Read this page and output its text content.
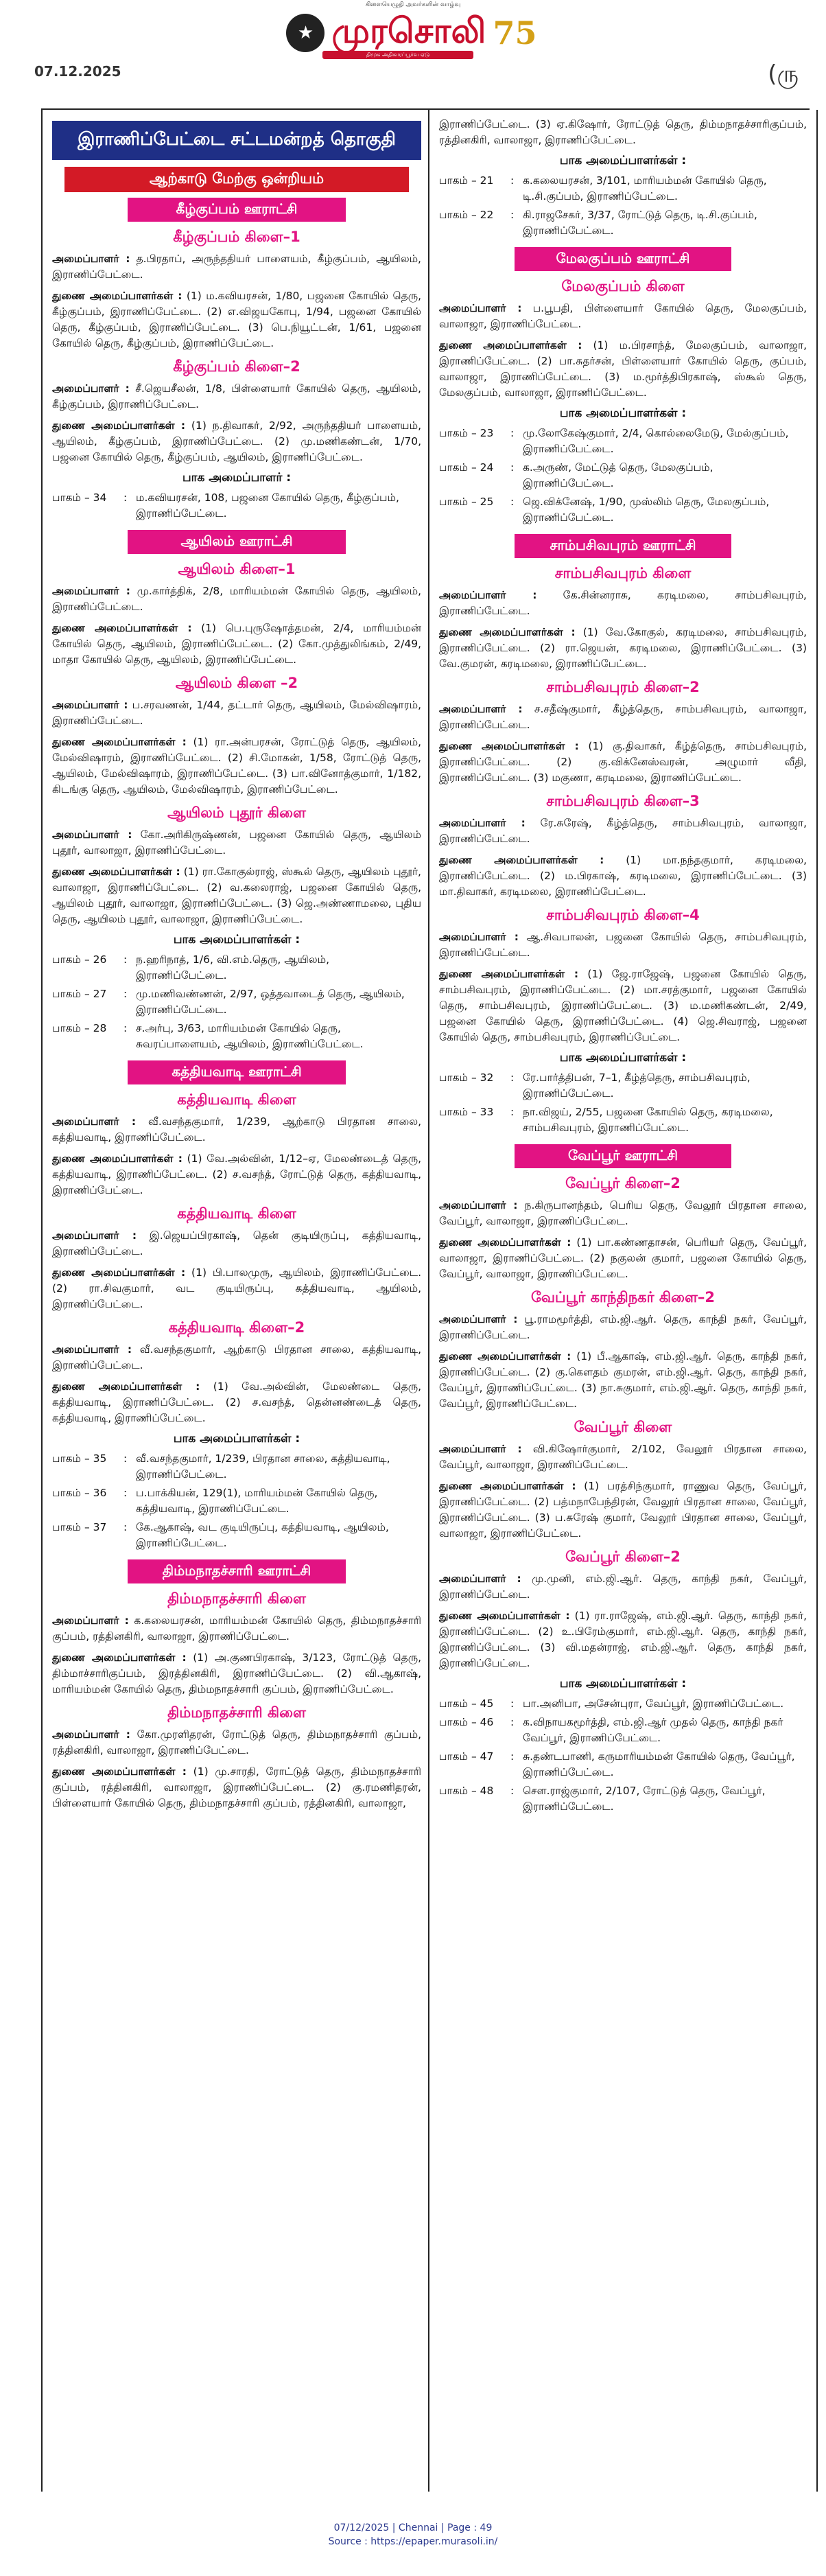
கிளையெழுதி அவர்களின் வாழ்வு
★ முரசொலி 75
திமுக அதிகாரப்பூர்வ ஏடு
07.12.2025	(ரு
இராணிப்பேட்டை சட்டமன்றத் தொகுதி
ஆற்காடு மேற்கு ஒன்றியம்
கீழ்குப்பம் ஊராட்சி
கீழ்குப்பம் கிளை–1

அமைப்பாளர் : த.பிரதாப், அருந்ததியர் பாளையம், கீழ்குப்பம், ஆயிலம், இராணிப்பேட்டை.

துணை அமைப்பாளர்கள் : (1) ம.கவியரசன், 1/80, பஜனை கோயில் தெரு, கீழ்குப்பம், இராணிப்பேட்டை. (2) எ.விஜயகோபு, 1/94, பஜனை கோயில் தெரு, கீழ்குப்பம், இராணிப்பேட்டை. (3) பெ.நியூட்டன், 1/61, பஜனை கோயில் தெரு, கீழ்குப்பம், இராணிப்பேட்டை.

கீழ்குப்பம் கிளை–2

அமைப்பாளர் : சீ.ஜெயசீலன், 1/8, பிள்ளையார் கோயில் தெரு, ஆயிலம், கீழ்குப்பம், இராணிப்பேட்டை.

துணை அமைப்பாளர்கள் : (1) ந.திவாகர், 2/92, அருந்ததியர் பாளையம், ஆயிலம், கீழ்குப்பம், இராணிப்பேட்டை. (2) மு.மணிகண்டன், 1/70, பஜனை கோயில் தெரு, கீழ்குப்பம், ஆயிலம், இராணிப்பேட்டை.

பாக அமைப்பாளர் :
பாகம் – 34	:	ம.கவியரசன், 108, பஜனை கோயில் தெரு, கீழ்குப்பம், இராணிப்பேட்டை.
ஆயிலம் ஊராட்சி
ஆயிலம் கிளை–1

அமைப்பாளர் : மு.கார்த்திக், 2/8, மாரியம்மன் கோயில் தெரு, ஆயிலம், இராணிப்பேட்டை.

துணை அமைப்பாளர்கள் : (1) பெ.புருஷோத்தமன், 2/4, மாரியம்மன் கோயில் தெரு, ஆயிலம், இராணிப்பேட்டை. (2) கோ.முத்துலிங்கம், 2/49, மாதா கோயில் தெரு, ஆயிலம், இராணிப்பேட்டை.

ஆயிலம் கிளை –2

அமைப்பாளர் : ப.சரவணன், 1/44, தட்டார் தெரு, ஆயிலம், மேல்விஷாரம், இராணிப்பேட்டை.

துணை அமைப்பாளர்கள் : (1) ரா.அன்பரசன், ரோட்டுத் தெரு, ஆயிலம், மேல்விஷாரம், இராணிப்பேட்டை. (2) சி.மோகன், 1/58, ரோட்டுத் தெரு, ஆயிலம், மேல்விஷாரம், இராணிப்பேட்டை. (3) பா.வினோத்குமார், 1/182, கிடங்கு தெரு, ஆயிலம், மேல்விஷாரம், இராணிப்பேட்டை.

ஆயிலம் புதூர் கிளை

அமைப்பாளர் : கோ.அரிகிருஷ்ணன், பஜனை கோயில் தெரு, ஆயிலம் புதூர், வாலாஜா, இராணிப்பேட்டை.

துணை அமைப்பாளர்கள் : (1) ரா.கோகுல்ராஜ், ஸ்கூல் தெரு, ஆயிலம் புதூர், வாலாஜா, இராணிப்பேட்டை. (2) வ.கலைராஜ், பஜனை கோயில் தெரு, ஆயிலம் புதூர், வாலாஜா, இராணிப்பேட்டை. (3) ஜெ.அண்ணாமலை, புதிய தெரு, ஆயிலம் புதூர், வாலாஜா, இராணிப்பேட்டை.

பாக அமைப்பாளர்கள் :
பாகம் – 26	:	ந.ஹரிநாத், 1/6, வி.எம்.தெரு, ஆயிலம், இராணிப்பேட்டை.
பாகம் – 27	:	மு.மணிவண்ணன், 2/97, ஒத்தவாடைத் தெரு, ஆயிலம், இராணிப்பேட்டை.
பாகம் – 28	:	ச.அர்பு, 3/63, மாரியம்மன் கோயில் தெரு, சுவரப்பாளையம், ஆயிலம், இராணிப்பேட்டை.
கத்தியவாடி ஊராட்சி
கத்தியவாடி கிளை

அமைப்பாளர் : வீ.வசந்தகுமார், 1/239, ஆற்காடு பிரதான சாலை, கத்தியவாடி, இராணிப்பேட்டை.

துணை அமைப்பாளர்கள் : (1) வே.அல்வின், 1/12–ஏ, மேலண்டைத் தெரு, கத்தியவாடி, இராணிப்பேட்டை. (2) ச.வசந்த், ரோட்டுத் தெரு, கத்தியவாடி, இராணிப்பேட்டை.

கத்தியவாடி கிளை

அமைப்பாளர் : இ.ஜெயப்பிரகாஷ், தென் குடியிருப்பு, கத்தியவாடி, இராணிப்பேட்டை.

துணை அமைப்பாளர்கள் : (1) பி.பாலமுரு, ஆயிலம், இராணிப்பேட்டை. (2) ரா.சிவகுமார், வட குடியிருப்பு, கத்தியவாடி, ஆயிலம், இராணிப்பேட்டை.

கத்தியவாடி கிளை–2

அமைப்பாளர் : வீ.வசந்தகுமார், ஆற்காடு பிரதான சாலை, கத்தியவாடி, இராணிப்பேட்டை.

துணை அமைப்பாளர்கள் : (1) வே.அல்வின், மேலண்டை தெரு, கத்தியவாடி, இராணிப்பேட்டை. (2) ச.வசந்த், தென்னண்டைத் தெரு, கத்தியவாடி, இராணிப்பேட்டை.

பாக அமைப்பாளர்கள் :
பாகம் – 35	:	வீ.வசந்தகுமார், 1/239, பிரதான சாலை, கத்தியவாடி, இராணிப்பேட்டை.
பாகம் – 36	:	ப.பாக்கியன், 129(1), மாரியம்மன் கோயில் தெரு, கத்தியவாடி, இராணிப்பேட்டை.
பாகம் – 37	:	கே.ஆகாஷ், வட குடியிருப்பு, கத்தியவாடி, ஆயிலம், இராணிப்பேட்டை.
திம்மநாதச்சாரி ஊராட்சி
திம்மநாதச்சாரி கிளை

அமைப்பாளர் : க.கலையரசன், மாரியம்மன் கோயில் தெரு, திம்மநாதச்சாரி குப்பம், ரத்தினகிரி, வாலாஜா, இராணிப்பேட்டை.

துணை அமைப்பாளர்கள் : (1) அ.குணபிரகாஷ், 3/123, ரோட்டுத் தெரு, திம்மாச்சாரிகுப்பம், இரத்தினகிரி, இராணிப்பேட்டை. (2) வி.ஆகாஷ், மாரியம்மன் கோயில் தெரு, திம்மநாதச்சாரி குப்பம், இராணிப்பேட்டை.

திம்மநாதச்சாரி கிளை

அமைப்பாளர் : கோ.முரளிதரன், ரோட்டுத் தெரு, திம்மநாதச்சாரி குப்பம், ரத்தினகிரி, வாலாஜா, இராணிப்பேட்டை.

துணை அமைப்பாளர்கள் : (1) மு.சாரதி, ரோட்டுத் தெரு, திம்மநாதச்சாரி குப்பம், ரத்தினகிரி, வாலாஜா, இராணிப்பேட்டை. (2) கு.ரமணிதரன், பிள்ளையார் கோயில் தெரு, திம்மநாதச்சாரி குப்பம், ரத்தினகிரி, வாலாஜா,

இராணிப்பேட்டை. (3) ஏ.கிஷோர், ரோட்டுத் தெரு, திம்மநாதச்சாரிகுப்பம், ரத்தினகிரி, வாலாஜா, இராணிப்பேட்டை.

பாக அமைப்பாளர்கள் :
பாகம் – 21	:	க.கலையரசன், 3/101, மாரியம்மன் கோயில் தெரு, டி.சி.குப்பம், இராணிப்பேட்டை.
பாகம் – 22	:	கி.ராஜசேகர், 3/37, ரோட்டுத் தெரு, டி.சி.குப்பம், இராணிப்பேட்டை.
மேலகுப்பம் ஊராட்சி
மேலகுப்பம் கிளை

அமைப்பாளர் : ப.பூபதி, பிள்ளையார் கோயில் தெரு, மேலகுப்பம், வாலாஜா, இராணிப்பேட்டை.

துணை அமைப்பாளர்கள் : (1) ம.பிரசாந்த், மேலகுப்பம், வாலாஜா, இராணிப்பேட்டை. (2) பா.சுதர்சன், பிள்ளையார் கோயில் தெரு, குப்பம், வாலாஜா, இராணிப்பேட்டை. (3) ம.மூர்த்திபிரகாஷ், ஸ்கூல் தெரு, மேலகுப்பம், வாலாஜா, இராணிப்பேட்டை.

பாக அமைப்பாளர்கள் :
பாகம் – 23	:	மு.லோகேஷ்குமார், 2/4, கொல்லைமேடு, மேல்குப்பம், இராணிப்பேட்டை.
பாகம் – 24	:	க.அருண், மேட்டுத் தெரு, மேலகுப்பம், இராணிப்பேட்டை.
பாகம் – 25	:	ஜெ.விக்னேஷ், 1/90, முஸ்லிம் தெரு, மேலகுப்பம், இராணிப்பேட்டை.
சாம்பசிவபுரம் ஊராட்சி
சாம்பசிவபுரம் கிளை

அமைப்பாளர் : கே.சின்னராசு, கரடிமலை, சாம்பசிவபுரம், இராணிப்பேட்டை.

துணை அமைப்பாளர்கள் : (1) வே.கோகுல், கரடிமலை, சாம்பசிவபுரம், இராணிப்பேட்டை. (2) ரா.ஜெயன், கரடிமலை, இராணிப்பேட்டை. (3) வே.குமரன், கரடிமலை, இராணிப்பேட்டை.

சாம்பசிவபுரம் கிளை–2

அமைப்பாளர் : ச.சதீஷ்குமார், கீழ்த்தெரு, சாம்பசிவபுரம், வாலாஜா, இராணிப்பேட்டை.

துணை அமைப்பாளர்கள் : (1) கு.திவாகர், கீழ்த்தெரு, சாம்பசிவபுரம், இராணிப்பேட்டை. (2) கு.விக்னேஸ்வரன், அழுமார் வீதி, இராணிப்பேட்டை. (3) மகுணா, கரடிமலை, இராணிப்பேட்டை.

சாம்பசிவபுரம் கிளை–3

அமைப்பாளர் : ரே.சுரேஷ், கீழ்த்தெரு, சாம்பசிவபுரம், வாலாஜா, இராணிப்பேட்டை.

துணை அமைப்பாளர்கள் : (1) மா.நந்தகுமார், கரடிமலை, இராணிப்பேட்டை. (2) ம.பிரகாஷ், கரடிமலை, இராணிப்பேட்டை. (3) மா.திவாகர், கரடிமலை, இராணிப்பேட்டை.

சாம்பசிவபுரம் கிளை–4

அமைப்பாளர் : ஆ.சிவபாலன், பஜனை கோயில் தெரு, சாம்பசிவபுரம், இராணிப்பேட்டை.

துணை அமைப்பாளர்கள் : (1) ஜே.ராஜேஷ், பஜனை கோயில் தெரு, சாம்பசிவபுரம், இராணிப்பேட்டை. (2) மா.சரத்குமார், பஜனை கோயில் தெரு, சாம்பசிவபுரம், இராணிப்பேட்டை. (3) ம.மணிகண்டன், 2/49, பஜனை கோயில் தெரு, இராணிப்பேட்டை. (4) ஜெ.சிவராஜ், பஜனை கோயில் தெரு, சாம்பசிவபுரம், இராணிப்பேட்டை.

பாக அமைப்பாளர்கள் :
பாகம் – 32	:	ரே.பார்த்திபன், 7–1, கீழ்த்தெரு, சாம்பசிவபுரம், இராணிப்பேட்டை.
பாகம் – 33	:	நா.விஜய், 2/55, பஜனை கோயில் தெரு, கரடிமலை, சாம்பசிவபுரம், இராணிப்பேட்டை.
வேப்பூர் ஊராட்சி
வேப்பூர் கிளை–2

அமைப்பாளர் : ந.கிருபானந்தம், பெரிய தெரு, வேலூர் பிரதான சாலை, வேப்பூர், வாலாஜா, இராணிப்பேட்டை.

துணை அமைப்பாளர்கள் : (1) பா.கண்ணதாசன், பெரியர் தெரு, வேப்பூர், வாலாஜா, இராணிப்பேட்டை. (2) நகுலன் குமார், பஜனை கோயில் தெரு, வேப்பூர், வாலாஜா, இராணிப்பேட்டை.

வேப்பூர் காந்திநகர் கிளை–2

அமைப்பாளர் : பூ.ராமமூர்த்தி, எம்.ஜி.ஆர். தெரு, காந்தி நகர், வேப்பூர், இராணிப்பேட்டை.

துணை அமைப்பாளர்கள் : (1) பீ.ஆகாஷ், எம்.ஜி.ஆர். தெரு, காந்தி நகர், இராணிப்பேட்டை. (2) கு.கௌதம் குமரன், எம்.ஜி.ஆர். தெரு, காந்தி நகர், வேப்பூர், இராணிப்பேட்டை. (3) நா.சுகுமார், எம்.ஜி.ஆர். தெரு, காந்தி நகர், வேப்பூர், இராணிப்பேட்டை.

வேப்பூர் கிளை

அமைப்பாளர் : வி.கிஷோர்குமார், 2/102, வேலூர் பிரதான சாலை, வேப்பூர், வாலாஜா, இராணிப்பேட்டை.

துணை அமைப்பாளர்கள் : (1) பரத்சிந்குமார், ராணுவ தெரு, வேப்பூர், இராணிப்பேட்டை. (2) பத்மநாபேந்திரன், வேலூர் பிரதான சாலை, வேப்பூர், இராணிப்பேட்டை. (3) ப.சுரேஷ் குமார், வேலூர் பிரதான சாலை, வேப்பூர், வாலாஜா, இராணிப்பேட்டை.

வேப்பூர் கிளை–2

அமைப்பாளர் : மு.முனி, எம்.ஜி.ஆர். தெரு, காந்தி நகர், வேப்பூர், இராணிப்பேட்டை.

துணை அமைப்பாளர்கள் : (1) ரா.ராஜேஷ், எம்.ஜி.ஆர். தெரு, காந்தி நகர், இராணிப்பேட்டை. (2) உ.பிரேம்குமார், எம்.ஜி.ஆர். தெரு, காந்தி நகர், இராணிப்பேட்டை. (3) வி.மதன்ராஜ், எம்.ஜி.ஆர். தெரு, காந்தி நகர், இராணிப்பேட்டை.

பாக அமைப்பாளர்கள் :
பாகம் – 45	:	பா.அனிபா, அசேன்புரா, வேப்பூர், இராணிப்பேட்டை.
பாகம் – 46	:	க.விநாயகமூர்த்தி, எம்.ஜி.ஆர் முதல் தெரு, காந்தி நகர் வேப்பூர், இராணிப்பேட்டை.
பாகம் – 47	:	சு.தண்டபாணி, கருமாரியம்மன் கோயில் தெரு, வேப்பூர், இராணிப்பேட்டை.
பாகம் – 48	:	சௌ.ராஜ்குமார், 2/107, ரோட்டுத் தெரு, வேப்பூர், இராணிப்பேட்டை.
07/12/2025 | Chennai | Page : 49
Source : https://epaper.murasoli.in/
